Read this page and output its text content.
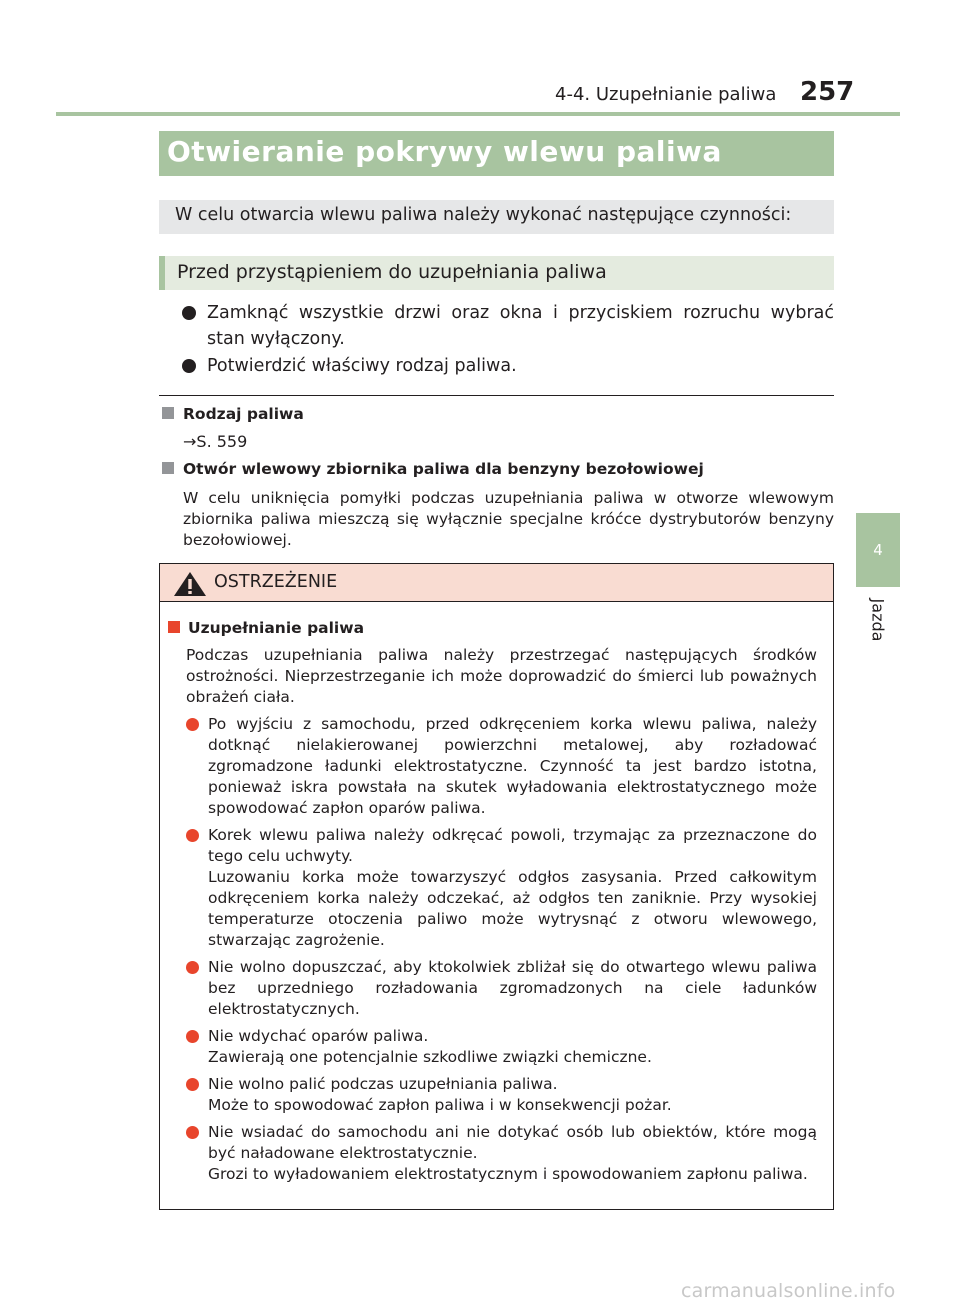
4-4. Uzupełnianie paliwa 257
4
Jazda
Otwieranie pokrywy wlewu paliwa
W celu otwarcia wlewu paliwa należy wykonać następujące czynności:
Przed przystąpieniem do uzupełniania paliwa
Zamknąć wszystkie drzwi oraz okna i przyciskiem rozruchu wybrać stan wyłączony.
Potwierdzić właściwy rodzaj paliwa.
Rodzaj paliwa
→S. 559
Otwór wlewowy zbiornika paliwa dla benzyny bezołowiowej

W celu uniknięcia pomyłki podczas uzupełniania paliwa w otworze wlewowym zbiornika paliwa mieszczą się wyłącznie specjalne króćce dystrybutorów benzyny bezołowiowej.

OSTRZEŻENIE
Uzupełnianie paliwa

Podczas uzupełniania paliwa należy przestrzegać następujących środków ostrożności. Nieprzestrzeganie ich może doprowadzić do śmierci lub poważnych obrażeń ciała.

Po wyjściu z samochodu, przed odkręceniem korka wlewu paliwa, należy dotknąć nielakierowanej powierzchni metalowej, aby rozładować zgromadzone ładunki elektrostatyczne. Czynność ta jest bardzo istotna, ponieważ iskra powstała na skutek wyładowania elektrostatycznego może spowodować zapłon oparów paliwa.
Korek wlewu paliwa należy odkręcać powoli, trzymając za przeznaczone do tego celu uchwyty.
Luzowaniu korka może towarzyszyć odgłos zasysania. Przed całkowitym odkręceniem korka należy odczekać, aż odgłos ten zaniknie. Przy wysokiej temperaturze otoczenia paliwo może wytrysnąć z otworu wlewowego, stwarzając zagrożenie.
Nie wolno dopuszczać, aby ktokolwiek zbliżał się do otwartego wlewu paliwa bez uprzedniego rozładowania zgromadzonych na ciele ładunków elektrostatycznych.
Nie wdychać oparów paliwa.
Zawierają one potencjalnie szkodliwe związki chemiczne.
Nie wolno palić podczas uzupełniania paliwa.
Może to spowodować zapłon paliwa i w konsekwencji pożar.
Nie wsiadać do samochodu ani nie dotykać osób lub obiektów, które mogą być naładowane elektrostatycznie.
Grozi to wyładowaniem elektrostatycznym i spowodowaniem zapłonu paliwa.
carmanualsonline.info
